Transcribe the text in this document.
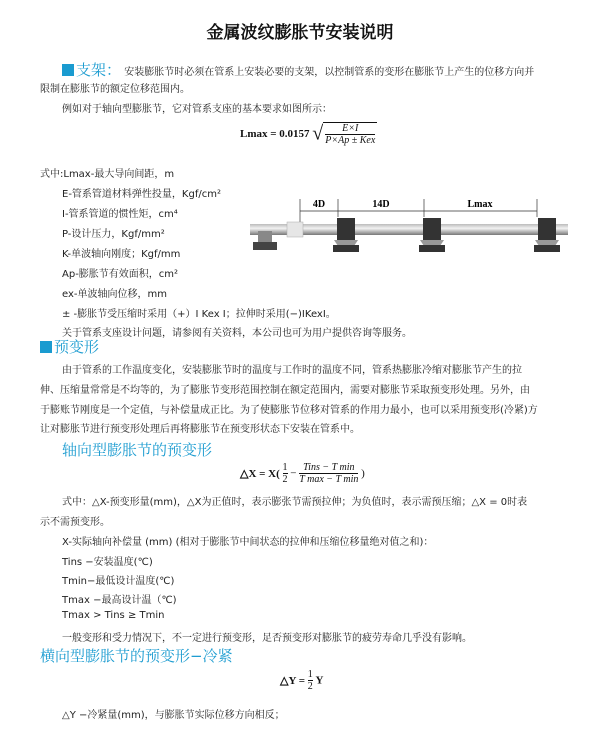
金属波纹膨胀节安装说明
支架： 安装膨胀节时必须在管系上安装必要的支架，以控制管系的变形在膨胀节上产生的位移方向并
限制在膨胀节的额定位移范围内。
例如对于轴向型膨胀节，它对管系支座的基本要求如图所示：
Lmax = 0.0157 √ $\frac{E\times I}{\text{P×Ap ± Kex}}$
式中:Lmax-最大导向间距，m
E-管系管道材料弹性投量，Kgf/cm²
I-管系管道的惯性矩，cm⁴
P-设计压力，Kgf/mm²
K-单波轴向刚度；Kgf/mm
Ap-膨胀节有效面积，cm²
ex-单波轴向位移，mm
± -膨胀节受压缩时采用（+）I Kex I；拉伸时采用(−)IKexI。
关于管系支座设计问题，请参阅有关资料，本公司也可为用户提供咨询等服务。
4D	14D	Lmax
预变形
由于管系的工作温度变化，安装膨胀节时的温度与工作时的温度不同，管系热膨胀冷缩对膨胀节产生的拉
伸、压缩量常常是不均等的，为了膨胀节变形范围控制在额定范围内，需要对膨胀节采取预变形处理。另外，由
于膨账节刚度是一个定值，与补偿量成正比。为了使膨胀节位移对管系的作用力最小，也可以采用预变形(冷紧)方
让对膨胀节进行预变形处理后再将膨胀节在预变形状态下安装在管系中。
轴向型膨胀节的预变形
△X = $X( \frac{1}{2} - \frac{\text{Tins − T min}}{\text{T max − T min}}$ )
式中：△X-预变形量(mm)，△X为正值时，表示膨张节需预拉伸；为负值时，表示需预压缩；△X = 0时表
示不需预变形。
X-实际轴向补偿量 (mm) (相对于膨胀节中间状态的拉伸和压缩位移量绝对值之和)：
Tins −安装温度(℃)
Tmin−最低设计温度(℃)
Tmax −最高设计温（℃)
Tmax > Tins ≥ Tmin
一般变形和受力情况下，不一定进行预变形，足否预变形对膨胀节的疲劳寿命几乎没有影响。
横向型膨胀节的预变形−冷紧
△Y = $\frac{1}{2}$ Y
△Y −冷紧量(mm)，与膨胀节实际位移方向相反；
